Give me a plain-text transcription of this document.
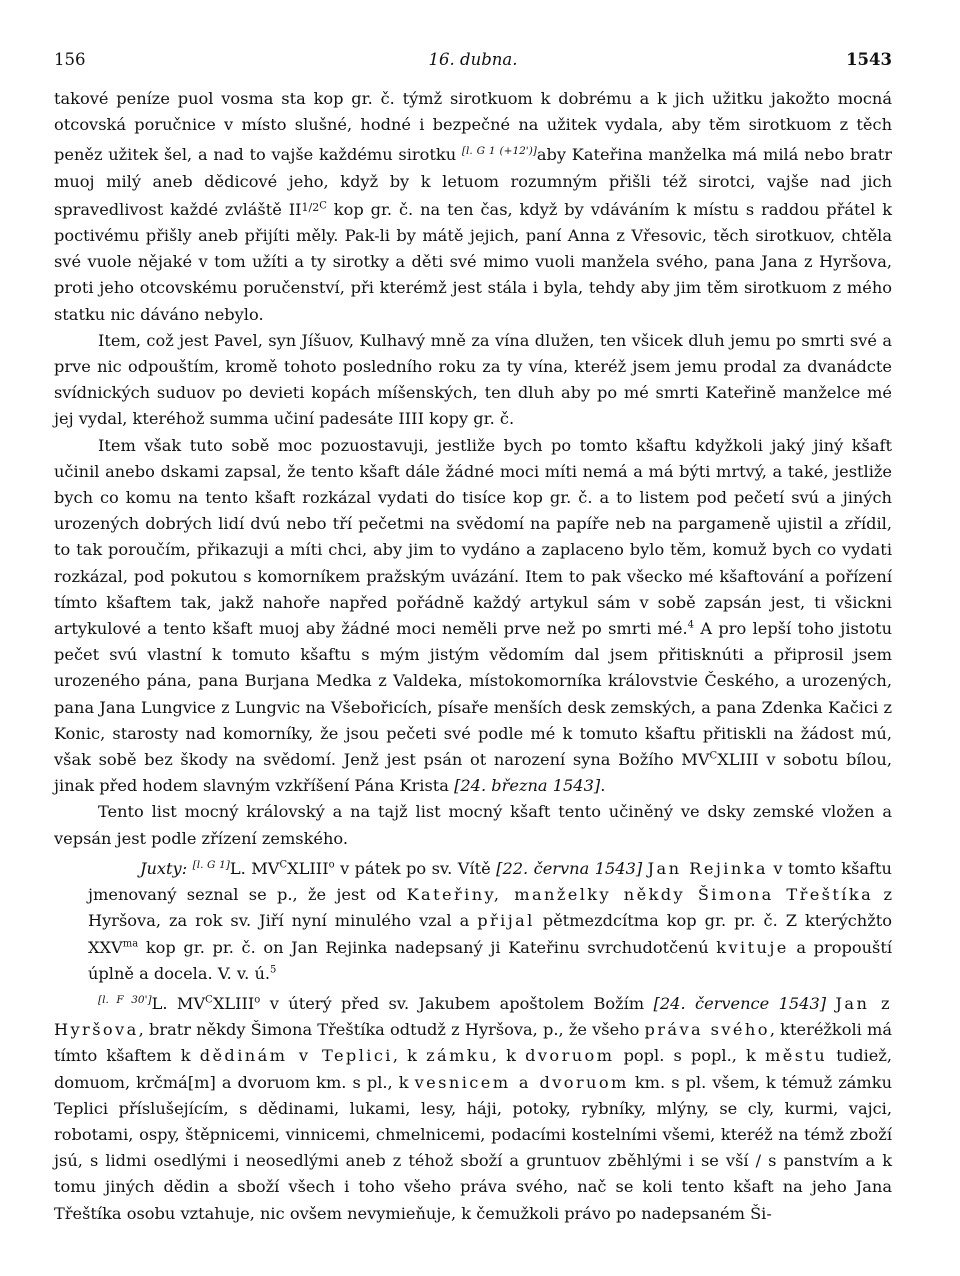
156	16. dubna.	1543

takové peníze puol vosma sta kop gr. č. týmž sirotkuom k dobrému a k jich užitku jakožto mocná otcovská poručnice v místo slušné, hodné i bezpečné na užitek vydala, aby těm sirotkuom z těch peněz užitek šel, a nad to vajše každému sirotku [l. G 1 (+12')]aby Kateřina manželka má milá nebo bratr muoj milý aneb dědicové jeho, když by k letuom rozumným přišli též sirotci, vajše nad jich spravedlivost každé zvláště $II^{1/2C}$ kop gr. č. na ten čas, když by vdáváním k místu s raddou přátel k poctivému přišly aneb přijíti měly. Pak-li by mátě jejich, paní Anna z Vřesovic, těch sirotkuov, chtěla své vuole nějaké v tom užíti a ty sirotky a děti své mimo vuoli manžela svého, pana Jana z Hyršova, proti jeho otcovskému poručenství, při kterémž jest stála i byla, tehdy aby jim těm sirotkuom z mého statku nic dáváno nebylo.

Item, což jest Pavel, syn Jíšuov, Kulhavý mně za vína dlužen, ten všicek dluh jemu po smrti své a prve nic odpouštím, kromě tohoto posledního roku za ty vína, kteréž jsem jemu prodal za dvanádcte svídnických suduov po devieti kopách míšenských, ten dluh aby po mé smrti Kateřině manželce mé jej vydal, kteréhož summa učiní padesáte IIII kopy gr. č.

Item však tuto sobě moc pozuostavuji, jestliže bych po tomto kšaftu kdyžkoli jaký jiný kšaft učinil anebo dskami zapsal, že tento kšaft dále žádné moci míti nemá a má býti mrtvý, a také, jestliže bych co komu na tento kšaft rozkázal vydati do tisíce kop gr. č. a to listem pod pečetí svú a jiných urozených dobrých lidí dvú nebo tří pečetmi na svědomí na papíře neb na pargameně ujistil a zřídil, to tak poroučím, přikazuji a míti chci, aby jim to vydáno a zaplaceno bylo těm, komuž bych co vydati rozkázal, pod pokutou s komorníkem pražským uvázání. Item to pak všecko mé kšaftování a pořízení tímto kšaftem tak, jakž nahoře napřed pořádně každý artykul sám v sobě zapsán jest, ti všickni artykulové a tento kšaft muoj aby žádné moci neměli prve než po smrti mé.$^4$ A pro lepší toho jistotu pečet svú vlastní k tomuto kšaftu s mým jistým vědomím dal jsem přitisknúti a připrosil jsem urozeného pána, pana Burjana Medka z Valdeka, místokomorníka královstvie Českého, a urozených, pana Jana Lungvice z Lungvic na Všebořicích, písaře menších desk zemských, a pana Zdenka Kačici z Konic, starosty nad komorníky, že jsou pečeti své podle mé k tomuto kšaftu přitiskli na žádost mú, však sobě bez škody na svědomí. Jenž jest psán ot narození syna Božího $MV^CXLIII$ v sobotu bílou, jinak před hodem slavným vzkříšení Pána Krista [24. března 1543].

Tento list mocný královský a na tajž list mocný kšaft tento učiněný ve dsky zemské vložen a vepsán jest podle zřízení zemského.

Juxty: [l. G 1]L. $MV^CXLIII^o$ v pátek po sv. Vítě [22. června 1543] Jan Rejinka v tomto kšaftu jmenovaný seznal se p., že jest od Kateřiny, manželky někdy Šimona Třeštíka z Hyršova, za rok sv. Jiří nyní minulého vzal a přijal pětmezdcítma kop gr. pr. č. Z kterýchžto $XXV^{ma}$ kop gr. pr. č. on Jan Rejinka nadepsaný ji Kateřinu svrchudotčenú kvituje a propouští úplně a docela. V. v. ú.$^5$

[l. F 30']L. $MV^CXLIII^o$ v úterý před sv. Jakubem apoštolem Božím [24. července 1543] Jan z Hyršova, bratr někdy Šimona Třeštíka odtudž z Hyršova, p., že všeho práva svého, kteréžkoli má tímto kšaftem k dědinám v Teplici, k zámku, k dvoruom popl. s popl., k městu tudiež, domuom, krčmá[m] a dvoruom km. s pl., k vesnicem a dvoruom km. s pl. všem, k témuž zámku Teplici příslušejícím, s dědinami, lukami, lesy, háji, potoky, rybníky, mlýny, se cly, kurmi, vajci, robotami, ospy, štěpnicemi, vinnicemi, chmelnicemi, podacími kostelními všemi, kteréž na témž zboží jsú, s lidmi osedlými i neosedlými aneb z téhož sboží a gruntuov zběhlými i se vší / s panstvím a k tomu jiných dědin a sboží všech i toho všeho práva svého, nač se koli tento kšaft na jeho Jana Třeštíka osobu vztahuje, nic ovšem nevymieňuje, k čemužkoli právo po nadepsaném Ši-
